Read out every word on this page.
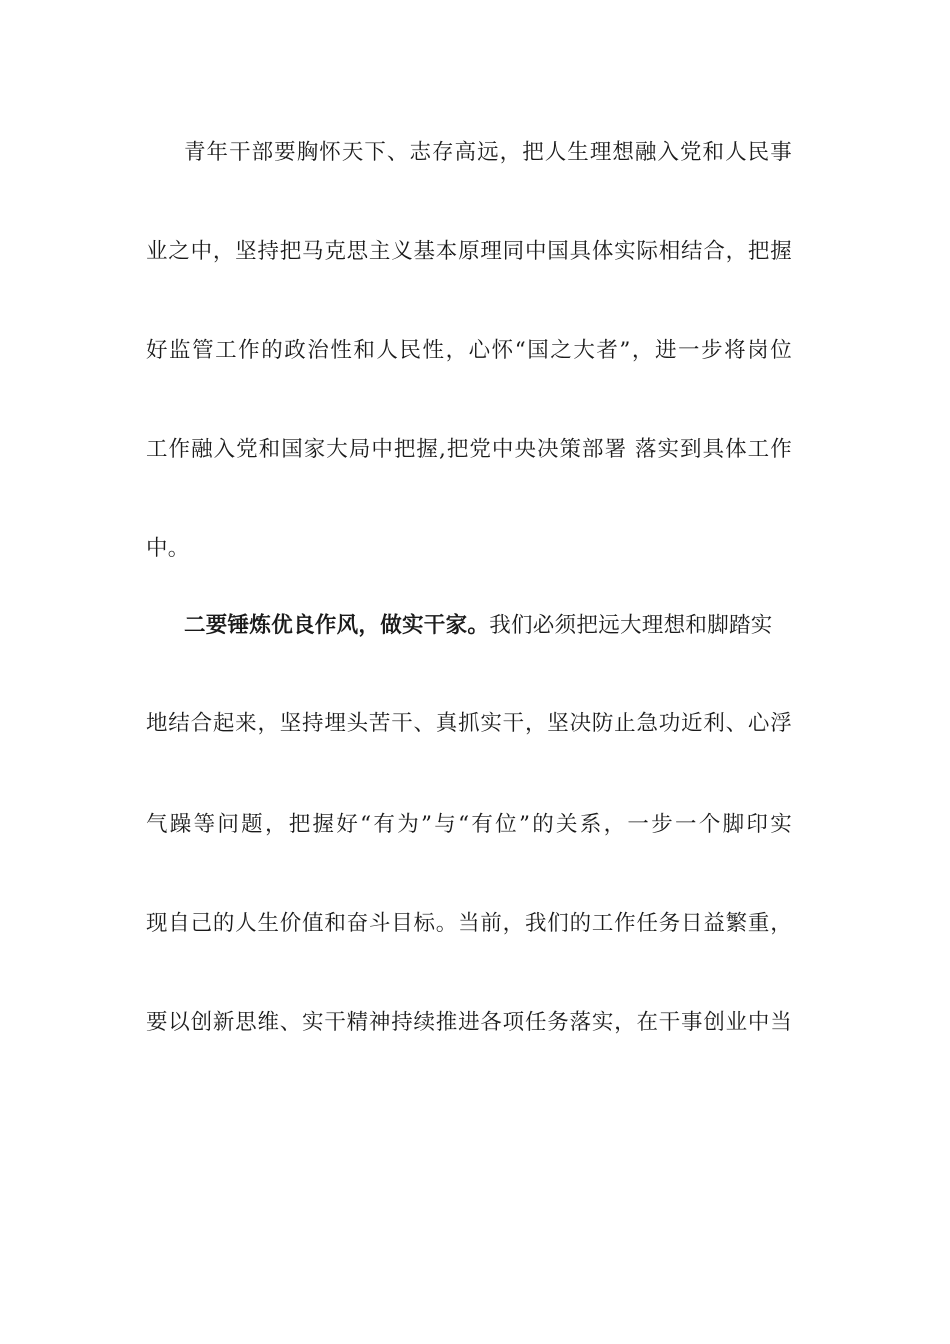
青年干部要胸怀天下、志存高远，把人生理想融入党和人民事
业之中，坚持把马克思主义基本原理同中国具体实际相结合，把握
好监管工作的政治性和人民性，心怀“国之大者”，进一步将岗位
工作融入党和国家大局中把握,把党中央决策部署 落实到具体工作
中。
二要锤炼优良作风，做实干家。我们必须把远大理想和脚踏实
地结合起来，坚持埋头苦干、真抓实干，坚决防止急功近利、心浮
气躁等问题，把握好“有为”与“有位”的关系，一步一个脚印实
现自己的人生价值和奋斗目标。当前，我们的工作任务日益繁重，
要以创新思维、实干精神持续推进各项任务落实，在干事创业中当
